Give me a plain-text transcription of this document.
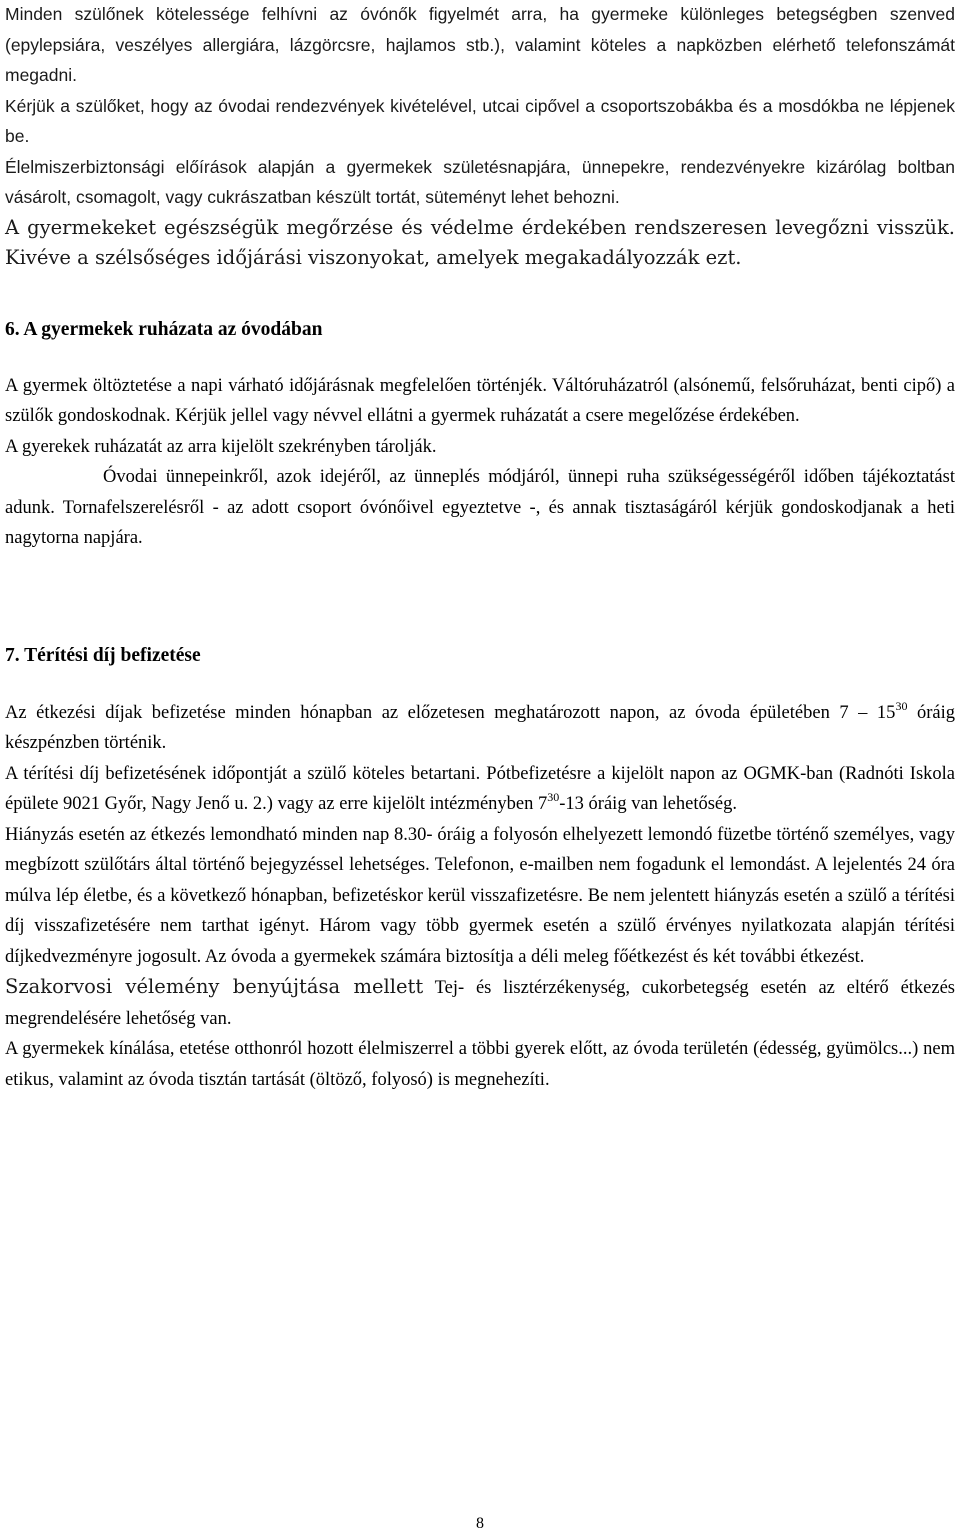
Minden szülőnek kötelessége felhívni az óvónők figyelmét arra, ha gyermeke különleges betegségben szenved (epylepsiára, veszélyes allergiára, lázgörcsre, hajlamos stb.), valamint köteles a napközben elérhető telefonszámát megadni.

Kérjük a szülőket, hogy az óvodai rendezvények kivételével, utcai cipővel a csoportszobákba és a mosdókba ne lépjenek be.

Élelmiszerbiztonsági előírások alapján a gyermekek születésnapjára, ünnepekre, rendezvényekre kizárólag boltban vásárolt, csomagolt, vagy cukrászatban készült tortát, süteményt lehet behozni.

A gyermekeket egészségük megőrzése és védelme érdekében rendszeresen levegőzni visszük. Kivéve a szélsőséges időjárási viszonyokat, amelyek megakadályozzák ezt.

6. A gyermekek ruházata az óvodában

A gyermek öltöztetése a napi várható időjárásnak megfelelően történjék. Váltóruházatról (alsónemű, felsőruházat, benti cipő) a szülők gondoskodnak. Kérjük jellel vagy névvel ellátni a gyermek ruházatát a csere megelőzése érdekében.

A gyerekek ruházatát az arra kijelölt szekrényben tárolják.

Óvodai ünnepeinkről, azok idejéről, az ünneplés módjáról, ünnepi ruha szükségességéről időben tájékoztatást adunk. Tornafelszerelésről - az adott csoport óvónőivel egyeztetve -, és annak tisztaságáról kérjük gondoskodjanak a heti nagytorna napjára.

7. Térítési díj befizetése

Az étkezési díjak befizetése minden hónapban az előzetesen meghatározott napon, az óvoda épületében $7 - 15^{30}$ óráig készpénzben történik.

A térítési díj befizetésének időpontját a szülő köteles betartani. Pótbefizetésre a kijelölt napon az OGMK-ban (Radnóti Iskola épülete 9021 Győr, Nagy Jenő u. 2.) vagy az erre kijelölt intézményben $7^{30}-13$ óráig van lehetőség.

Hiányzás esetén az étkezés lemondható minden nap 8.30- óráig a folyosón elhelyezett lemondó füzetbe történő személyes, vagy megbízott szülőtárs által történő bejegyzéssel lehetséges. Telefonon, e-mailben nem fogadunk el lemondást. A lejelentés 24 óra múlva lép életbe, és a következő hónapban, befizetéskor kerül visszafizetésre. Be nem jelentett hiányzás esetén a szülő a térítési díj visszafizetésére nem tarthat igényt. Három vagy több gyermek esetén a szülő érvényes nyilatkozata alapján térítési díjkedvezményre jogosult. Az óvoda a gyermekek számára biztosítja a déli meleg főétkezést és két további étkezést.

Szakorvosi vélemény benyújtása mellett Tej- és lisztérzékenység, cukorbetegség esetén az eltérő étkezés megrendelésére lehetőség van.

A gyermekek kínálása, etetése otthonról hozott élelmiszerrel a többi gyerek előtt, az óvoda területén (édesség, gyümölcs...) nem etikus, valamint az óvoda tisztán tartását (öltöző, folyosó) is megnehezíti.

8
